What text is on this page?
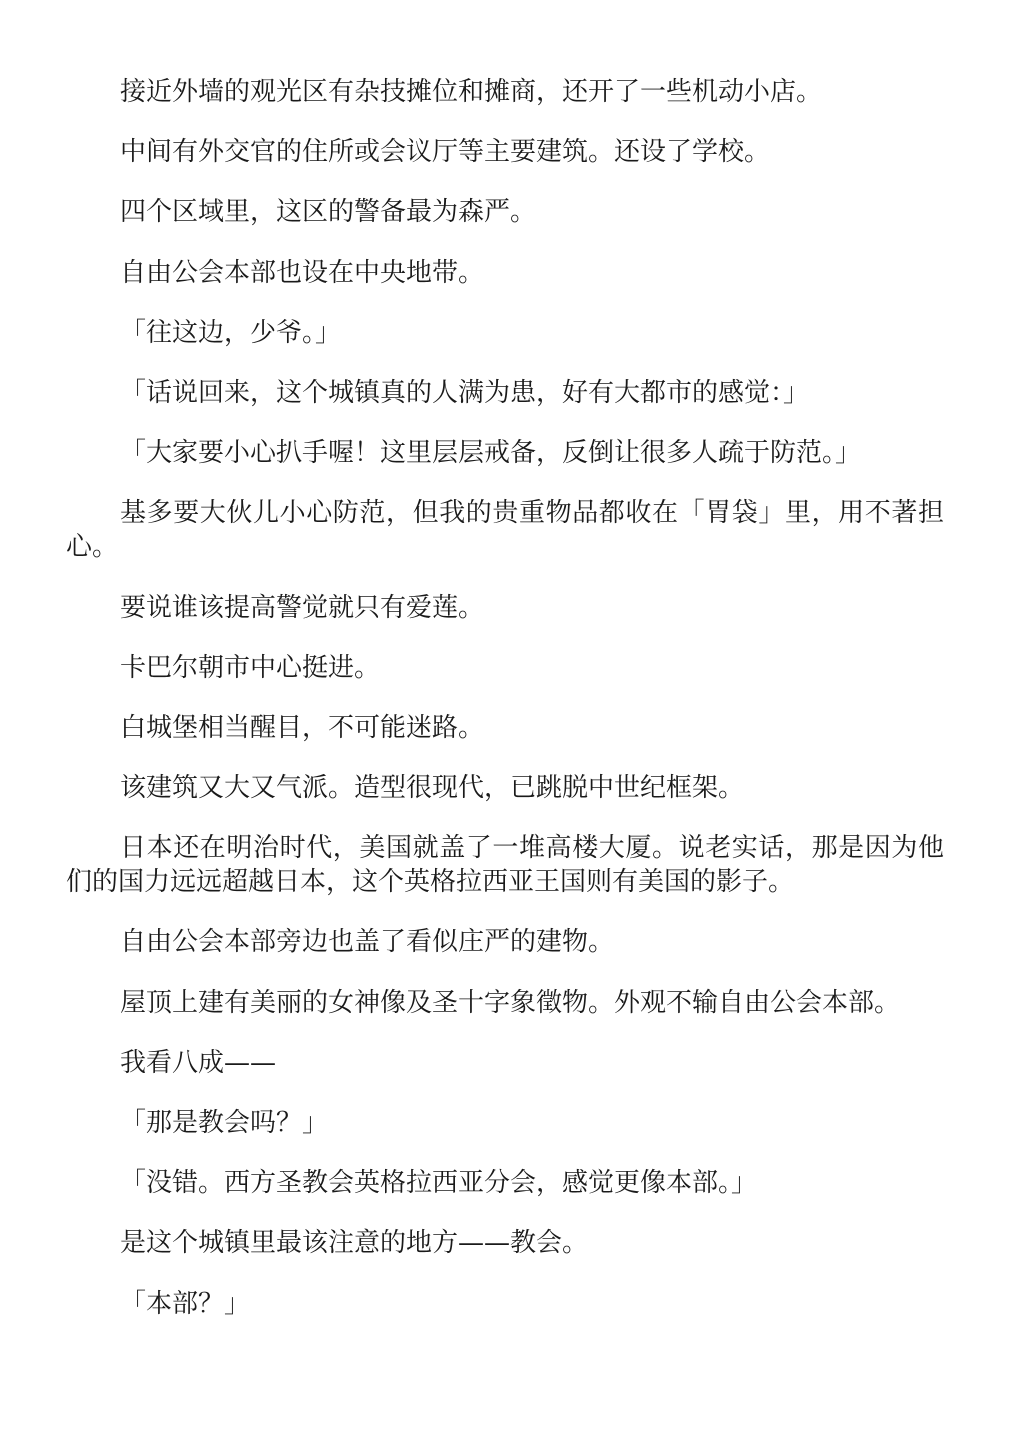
接近外墙的观光区有杂技摊位和摊商，还开了一些机动小店。

中间有外交官的住所或会议厅等主要建筑。还设了学校。

四个区域里，这区的警备最为森严。

自由公会本部也设在中央地带。

「往这边，少爷。」

「话说回来，这个城镇真的人满为患，好有大都市的感觉：」

「大家要小心扒手喔！这里层层戒备，反倒让很多人疏于防范。」

基多要大伙儿小心防范，但我的贵重物品都收在「胃袋」里，用不著担心。

要说谁该提高警觉就只有爱莲。

卡巴尔朝市中心挺进。

白城堡相当醒目，不可能迷路。

该建筑又大又气派。造型很现代，已跳脱中世纪框架。

日本还在明治时代，美国就盖了一堆高楼大厦。说老实话，那是因为他们的国力远远超越日本，这个英格拉西亚王国则有美国的影子。

自由公会本部旁边也盖了看似庄严的建物。

屋顶上建有美丽的女神像及圣十字象徵物。外观不输自由公会本部。

我看八成——

「那是教会吗？」

「没错。西方圣教会英格拉西亚分会，感觉更像本部。」

是这个城镇里最该注意的地方——教会。

「本部？」
